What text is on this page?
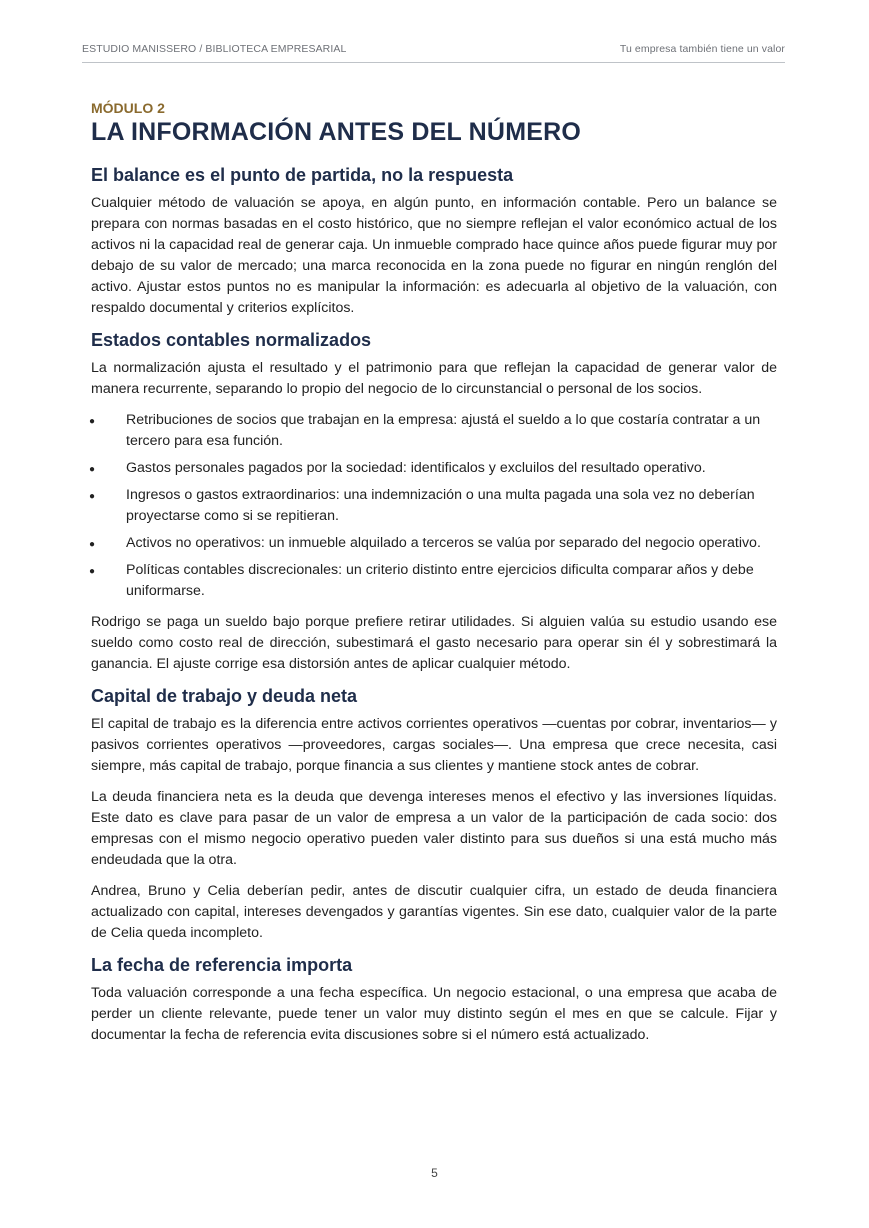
ESTUDIO MANISSERO / BIBLIOTECA EMPRESARIAL	Tu empresa también tiene un valor
MÓDULO 2
LA INFORMACIÓN ANTES DEL NÚMERO
El balance es el punto de partida, no la respuesta

Cualquier método de valuación se apoya, en algún punto, en información contable. Pero un balance se prepara con normas basadas en el costo histórico, que no siempre reflejan el valor económico actual de los activos ni la capacidad real de generar caja. Un inmueble comprado hace quince años puede figurar muy por debajo de su valor de mercado; una marca reconocida en la zona puede no figurar en ningún renglón del activo. Ajustar estos puntos no es manipular la información: es adecuarla al objetivo de la valuación, con respaldo documental y criterios explícitos.

Estados contables normalizados

La normalización ajusta el resultado y el patrimonio para que reflejan la capacidad de generar valor de manera recurrente, separando lo propio del negocio de lo circunstancial o personal de los socios.

● Retribuciones de socios que trabajan en la empresa: ajustá el sueldo a lo que costaría contratar a un tercero para esa función.
● Gastos personales pagados por la sociedad: identificalos y excluilos del resultado operativo.
● Ingresos o gastos extraordinarios: una indemnización o una multa pagada una sola vez no deberían proyectarse como si se repitieran.
● Activos no operativos: un inmueble alquilado a terceros se valúa por separado del negocio operativo.
● Políticas contables discrecionales: un criterio distinto entre ejercicios dificulta comparar años y debe uniformarse.

Rodrigo se paga un sueldo bajo porque prefiere retirar utilidades. Si alguien valúa su estudio usando ese sueldo como costo real de dirección, subestimará el gasto necesario para operar sin él y sobrestimará la ganancia. El ajuste corrige esa distorsión antes de aplicar cualquier método.

Capital de trabajo y deuda neta

El capital de trabajo es la diferencia entre activos corrientes operativos —cuentas por cobrar, inventarios— y pasivos corrientes operativos —proveedores, cargas sociales—. Una empresa que crece necesita, casi siempre, más capital de trabajo, porque financia a sus clientes y mantiene stock antes de cobrar.

La deuda financiera neta es la deuda que devenga intereses menos el efectivo y las inversiones líquidas. Este dato es clave para pasar de un valor de empresa a un valor de la participación de cada socio: dos empresas con el mismo negocio operativo pueden valer distinto para sus dueños si una está mucho más endeudada que la otra.

Andrea, Bruno y Celia deberían pedir, antes de discutir cualquier cifra, un estado de deuda financiera actualizado con capital, intereses devengados y garantías vigentes. Sin ese dato, cualquier valor de la parte de Celia queda incompleto.

La fecha de referencia importa

Toda valuación corresponde a una fecha específica. Un negocio estacional, o una empresa que acaba de perder un cliente relevante, puede tener un valor muy distinto según el mes en que se calcule. Fijar y documentar la fecha de referencia evita discusiones sobre si el número está actualizado.

5
